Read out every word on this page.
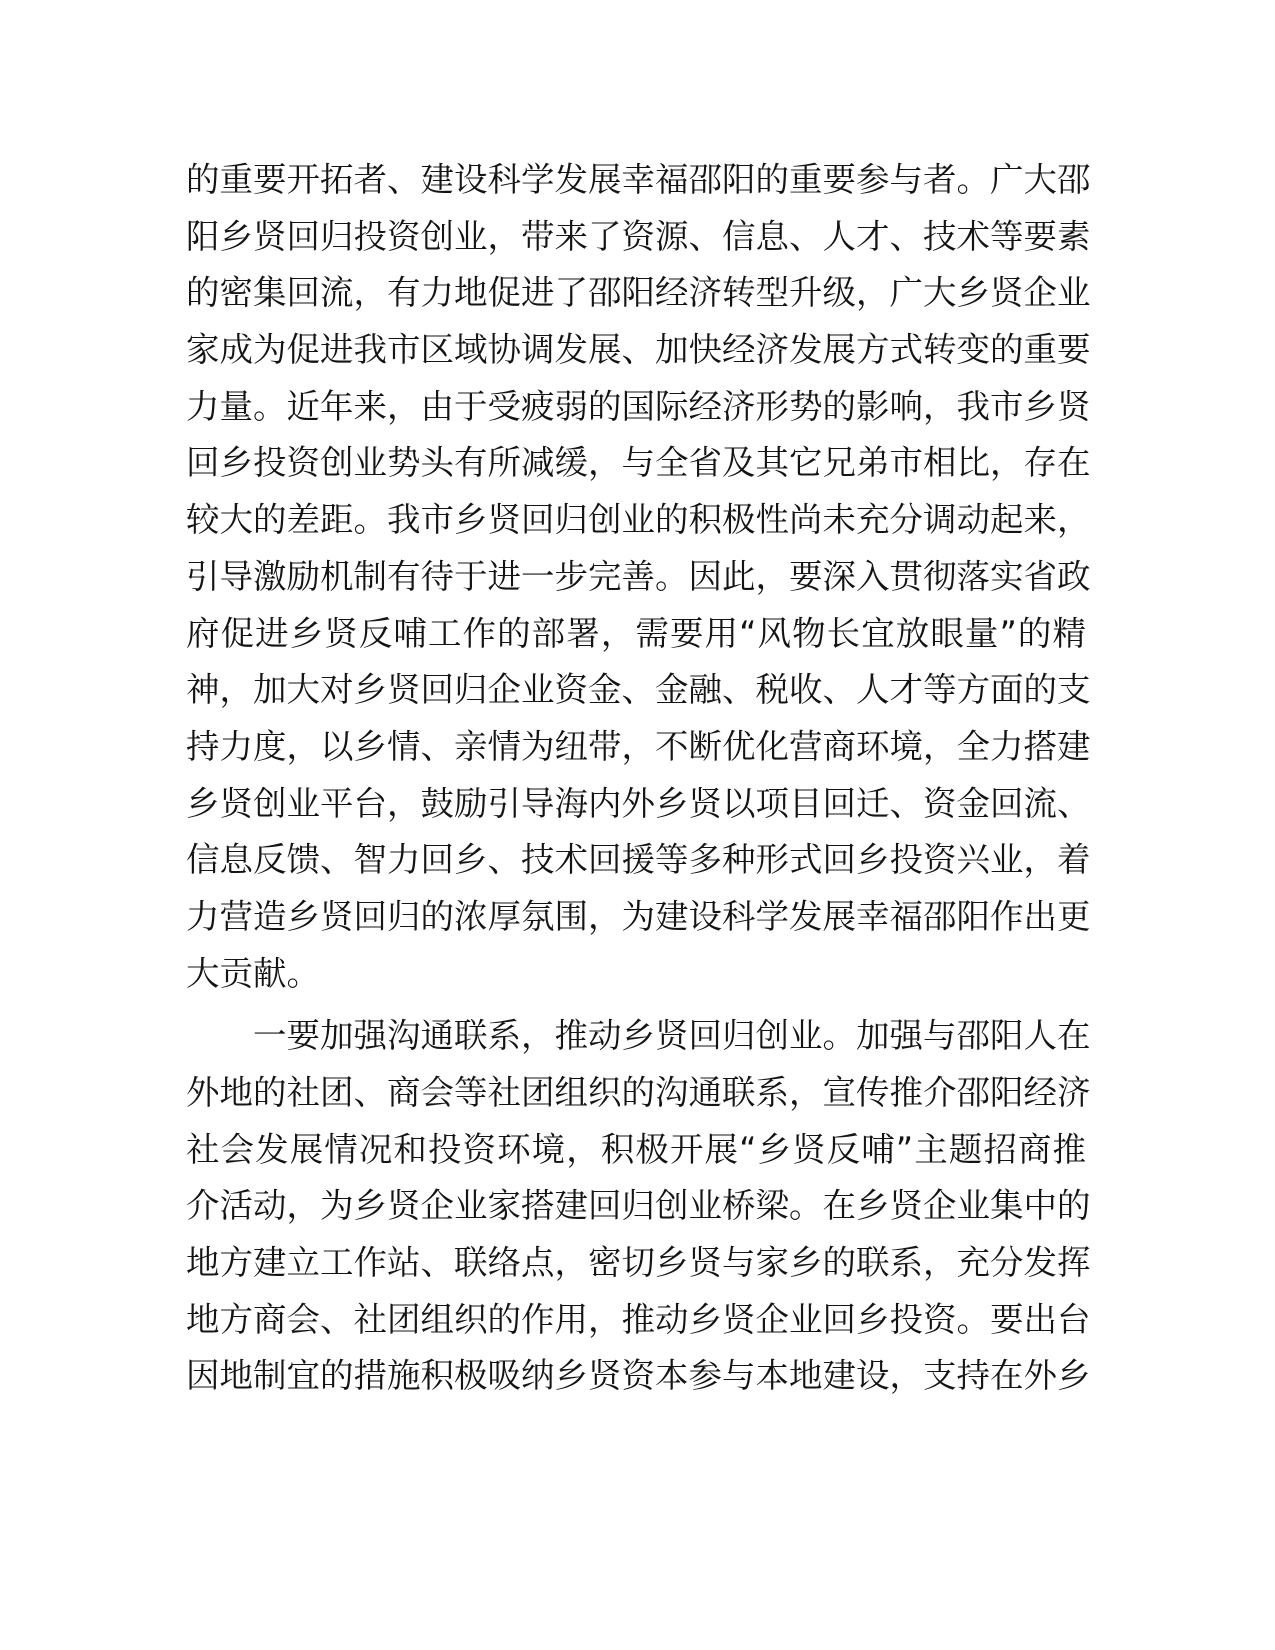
的重要开拓者、建设科学发展幸福邵阳的重要参与者。广大邵
阳乡贤回归投资创业，带来了资源、信息、人才、技术等要素
的密集回流，有力地促进了邵阳经济转型升级，广大乡贤企业
家成为促进我市区域协调发展、加快经济发展方式转变的重要
力量。近年来，由于受疲弱的国际经济形势的影响，我市乡贤
回乡投资创业势头有所减缓，与全省及其它兄弟市相比，存在
较大的差距。我市乡贤回归创业的积极性尚未充分调动起来，
引导激励机制有待于进一步完善。因此，要深入贯彻落实省政
府促进乡贤反哺工作的部署，需要用“风物长宜放眼量”的精
神，加大对乡贤回归企业资金、金融、税收、人才等方面的支
持力度，以乡情、亲情为纽带，不断优化营商环境，全力搭建
乡贤创业平台，鼓励引导海内外乡贤以项目回迁、资金回流、
信息反馈、智力回乡、技术回援等多种形式回乡投资兴业，着
力营造乡贤回归的浓厚氛围，为建设科学发展幸福邵阳作出更
大贡献。
一要加强沟通联系，推动乡贤回归创业。加强与邵阳人在
外地的社团、商会等社团组织的沟通联系，宣传推介邵阳经济
社会发展情况和投资环境，积极开展“乡贤反哺”主题招商推
介活动，为乡贤企业家搭建回归创业桥梁。在乡贤企业集中的
地方建立工作站、联络点，密切乡贤与家乡的联系，充分发挥
地方商会、社团组织的作用，推动乡贤企业回乡投资。要出台
因地制宜的措施积极吸纳乡贤资本参与本地建设，支持在外乡
